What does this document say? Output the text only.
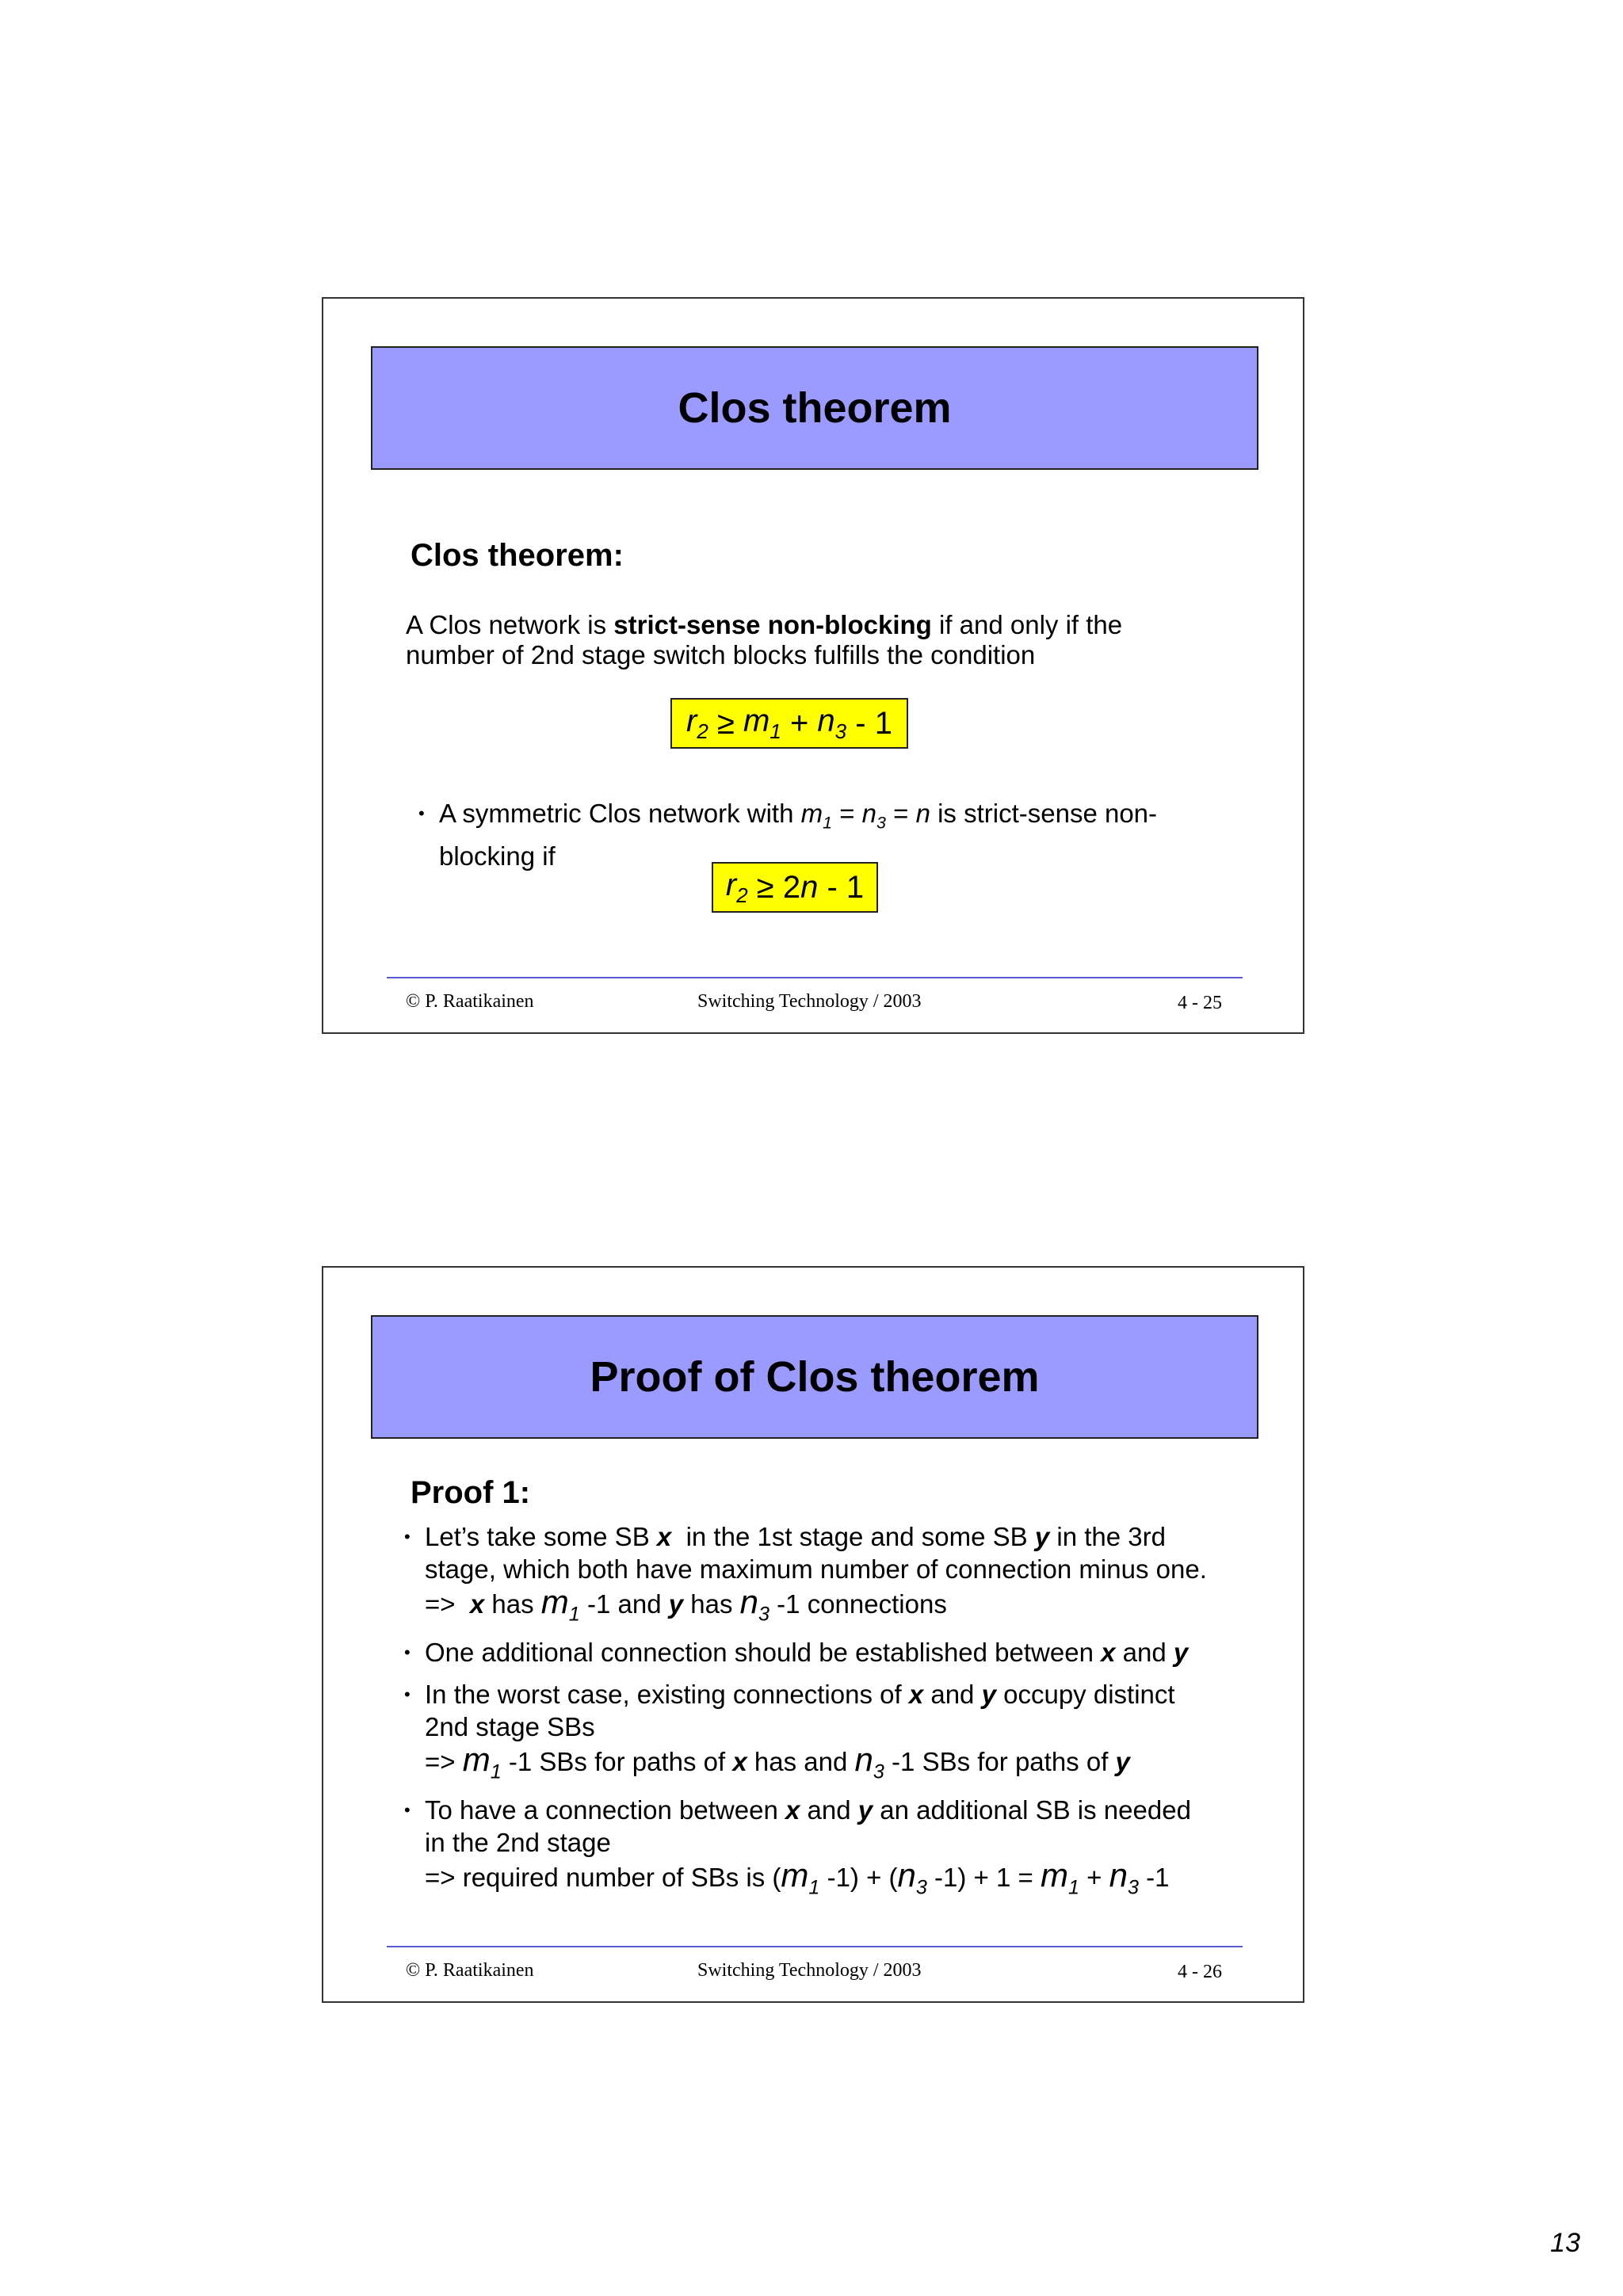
Clos theorem
Clos theorem:
A Clos network is strict-sense non-blocking if and only if the
number of 2nd stage switch blocks fulfills the condition
$r_2 \ge m_1 + n_3 - 1$
• A symmetric Clos network with $m_1 = n_3 = n$ is strict-sense non-
blocking if
$r_2 \ge 2$ n - 1
© P. Raatikainen	Switching Technology / 2003	4 - 25
Proof of Clos theorem
Proof 1:
• Let’s take some SB x  in the 1st stage and some SB y in the 3rd
stage, which both have maximum number of connection minus one.
=>  x has $m_1$ -1 and y has $n_3$ -1 connections
• One additional connection should be established between x and y
• In the worst case, existing connections of x and y occupy distinct
2nd stage SBs
=> $m_1$ -1 SBs for paths of x has and $n_3$ -1 SBs for paths of y
• To have a connection between x and y an additional SB is needed
in the 2nd stage
=> required number of SBs is ($m_1$ $-1) + (n_3$ $-1) + 1 = m_1 + n_3$ -1
© P. Raatikainen	Switching Technology / 2003	4 - 26
13
